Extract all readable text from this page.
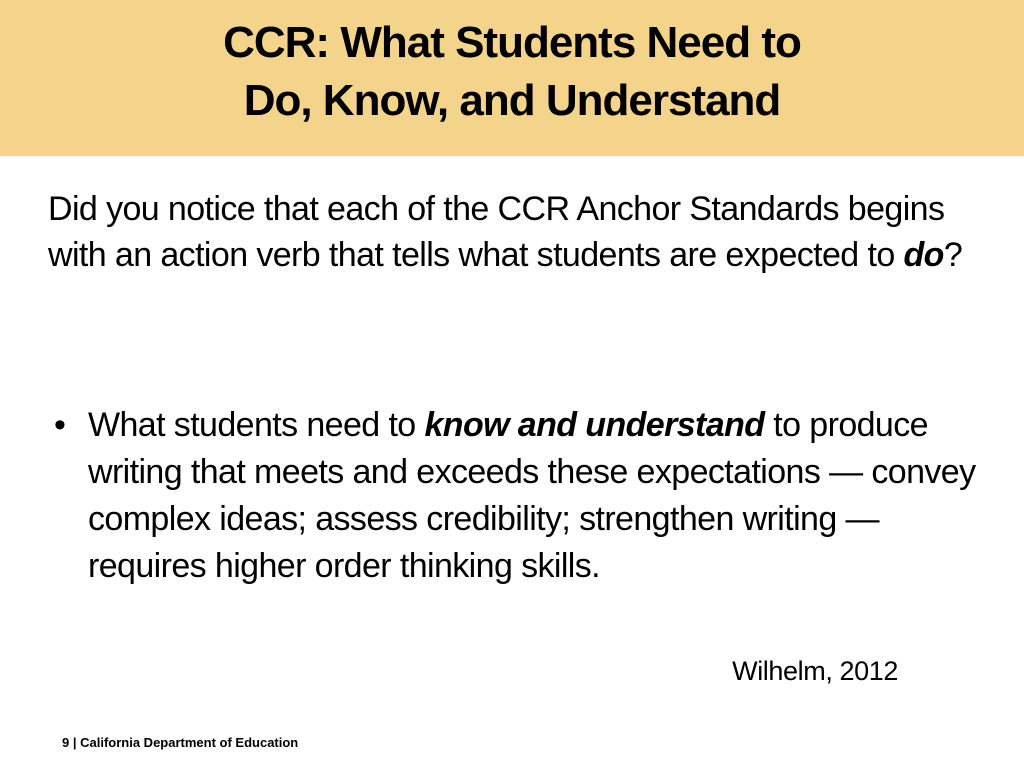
CCR: What Students Need to
Do, Know, and Understand

Did you notice that each of the CCR Anchor Standards begins with an action verb that tells what students are expected to do?

• What students need to know and understand to produce writing that meets and exceeds these expectations — convey complex ideas; assess credibility; strengthen writing — requires higher order thinking skills.
Wilhelm, 2012
9 | California Department of Education
